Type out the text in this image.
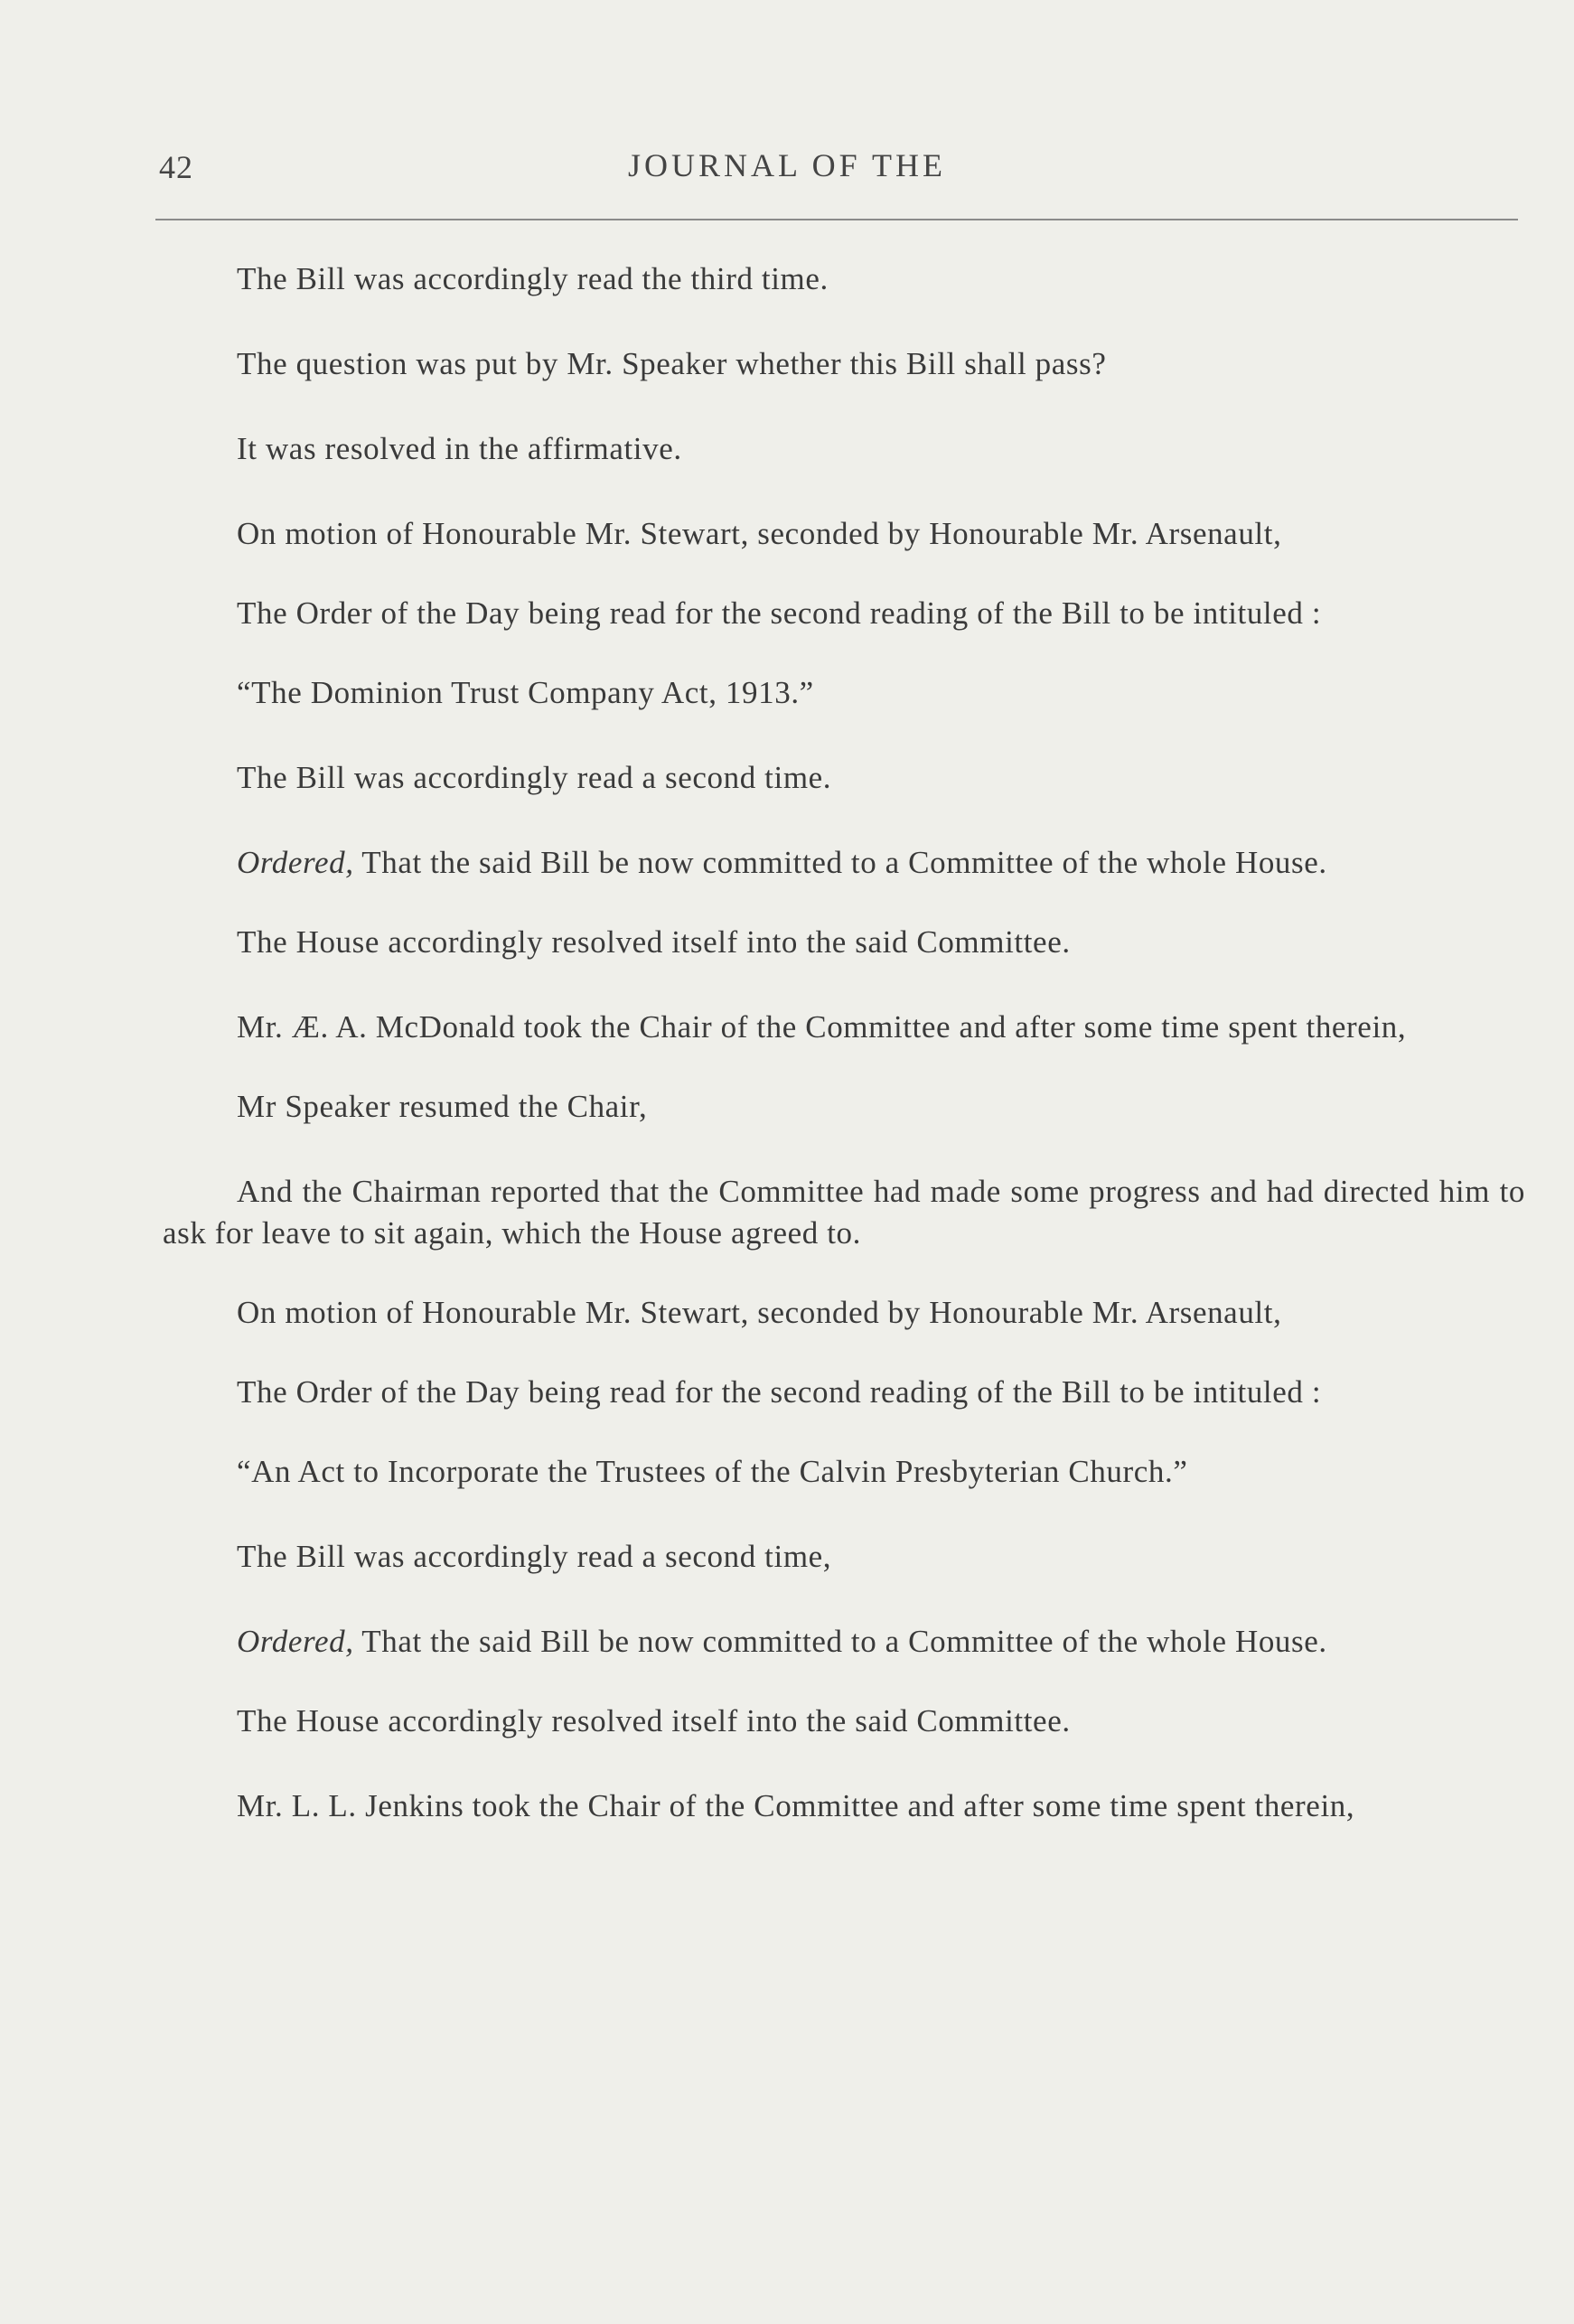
42	JOURNAL OF THE

The Bill was accordingly read the third time.

The question was put by Mr. Speaker whether this Bill shall pass?

It was resolved in the affirmative.

On motion of Honourable Mr. Stewart, seconded by Honourable Mr. Arsenault,

The Order of the Day being read for the second reading of the Bill to be intituled :

“The Dominion Trust Company Act, 1913.”

The Bill was accordingly read a second time.

Ordered, That the said Bill be now committed to a Committee of the whole House.

The House accordingly resolved itself into the said Committee.

Mr. Æ. A. McDonald took the Chair of the Committee and after some time spent therein,

Mr Speaker resumed the Chair,

And the Chairman reported that the Committee had made some progress and had directed him to ask for leave to sit again, which the House agreed to.

On motion of Honourable Mr. Stewart, seconded by Honourable Mr. Arsenault,

The Order of the Day being read for the second reading of the Bill to be intituled :

“An Act to Incorporate the Trustees of the Calvin Presbyterian Church.”

The Bill was accordingly read a second time,

Ordered, That the said Bill be now committed to a Committee of the whole House.

The House accordingly resolved itself into the said Committee.

Mr. L. L. Jenkins took the Chair of the Committee and after some time spent therein,
